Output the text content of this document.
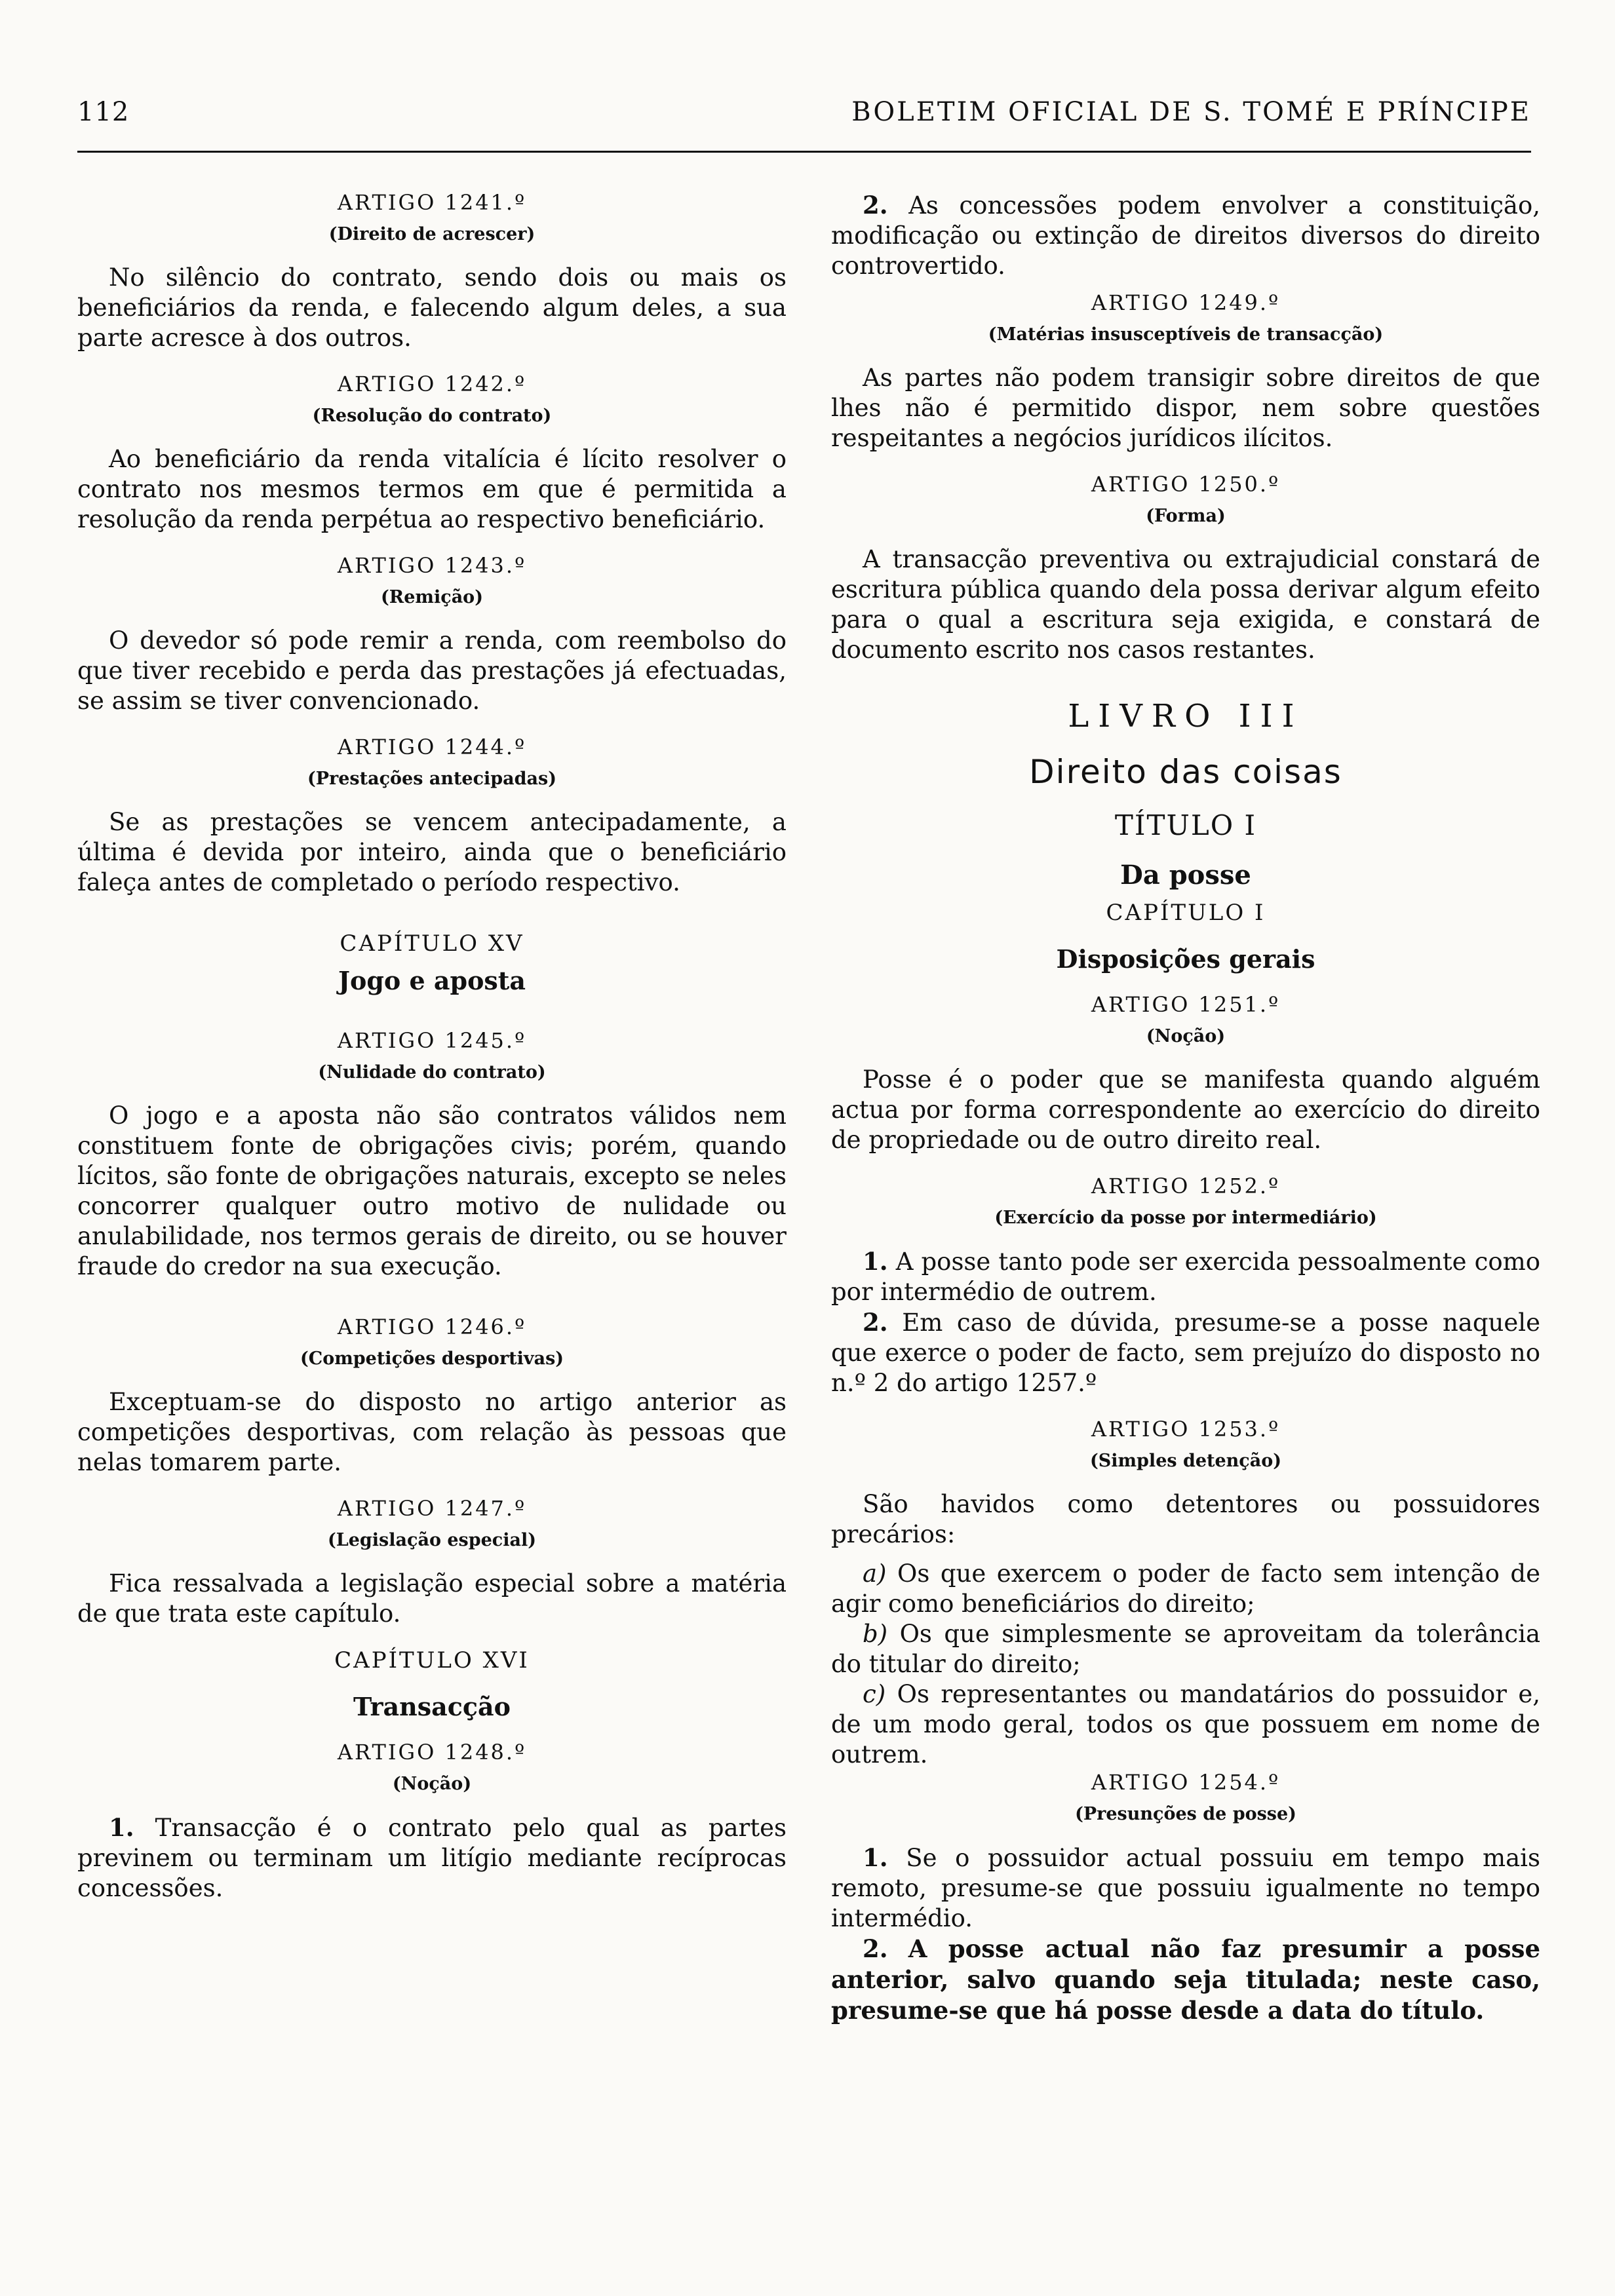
112	BOLETIM OFICIAL DE S. TOMÉ E PRÍNCIPE

ARTIGO 1241.º

(Direito de acrescer)

No silêncio do contrato, sendo dois ou mais os beneficiários da renda, e falecendo algum deles, a sua parte acresce à dos outros.

ARTIGO 1242.º

(Resolução do contrato)

Ao beneficiário da renda vitalícia é lícito resolver o contrato nos mesmos termos em que é permitida a resolução da renda perpétua ao respectivo beneficiário.

ARTIGO 1243.º

(Remição)

O devedor só pode remir a renda, com reembolso do que tiver recebido e perda das prestações já efectuadas, se assim se tiver convencionado.

ARTIGO 1244.º

(Prestações antecipadas)

Se as prestações se vencem antecipadamente, a última é devida por inteiro, ainda que o beneficiário faleça antes de completado o período respectivo.

CAPÍTULO XV

Jogo e aposta

ARTIGO 1245.º

(Nulidade do contrato)

O jogo e a aposta não são contratos válidos nem constituem fonte de obrigações civis; porém, quando lícitos, são fonte de obrigações naturais, excepto se neles concorrer qualquer outro motivo de nulidade ou anulabilidade, nos termos gerais de direito, ou se houver fraude do credor na sua execução.

ARTIGO 1246.º

(Competições desportivas)

Exceptuam-se do disposto no artigo anterior as competições desportivas, com relação às pessoas que nelas tomarem parte.

ARTIGO 1247.º

(Legislação especial)

Fica ressalvada a legislação especial sobre a matéria de que trata este capítulo.

CAPÍTULO XVI

Transacção

ARTIGO 1248.º

(Noção)

1. Transacção é o contrato pelo qual as partes previnem ou terminam um litígio mediante recíprocas concessões.

2. As concessões podem envolver a constituição, modificação ou extinção de direitos diversos do direito controvertido.

ARTIGO 1249.º

(Matérias insusceptíveis de transacção)

As partes não podem transigir sobre direitos de que lhes não é permitido dispor, nem sobre questões respeitantes a negócios jurídicos ilícitos.

ARTIGO 1250.º

(Forma)

A transacção preventiva ou extrajudicial constará de escritura pública quando dela possa derivar algum efeito para o qual a escritura seja exigida, e constará de documento escrito nos casos restantes.

LIVRO III

Direito das coisas

TÍTULO I

Da posse

CAPÍTULO I

Disposições gerais

ARTIGO 1251.º

(Noção)

Posse é o poder que se manifesta quando alguém actua por forma correspondente ao exercício do direito de propriedade ou de outro direito real.

ARTIGO 1252.º

(Exercício da posse por intermediário)

1. A posse tanto pode ser exercida pessoalmente como por intermédio de outrem.

2. Em caso de dúvida, presume-se a posse naquele que exerce o poder de facto, sem prejuízo do disposto no n.º 2 do artigo 1257.º

ARTIGO 1253.º

(Simples detenção)

São havidos como detentores ou possuidores precários:

a) Os que exercem o poder de facto sem intenção de agir como beneficiários do direito;

b) Os que simplesmente se aproveitam da tolerância do titular do direito;

c) Os representantes ou mandatários do possuidor e, de um modo geral, todos os que possuem em nome de outrem.

ARTIGO 1254.º

(Presunções de posse)

1. Se o possuidor actual possuiu em tempo mais remoto, presume-se que possuiu igualmente no tempo intermédio.

2. A posse actual não faz presumir a posse anterior, salvo quando seja titulada; neste caso, presume-se que há posse desde a data do título.
